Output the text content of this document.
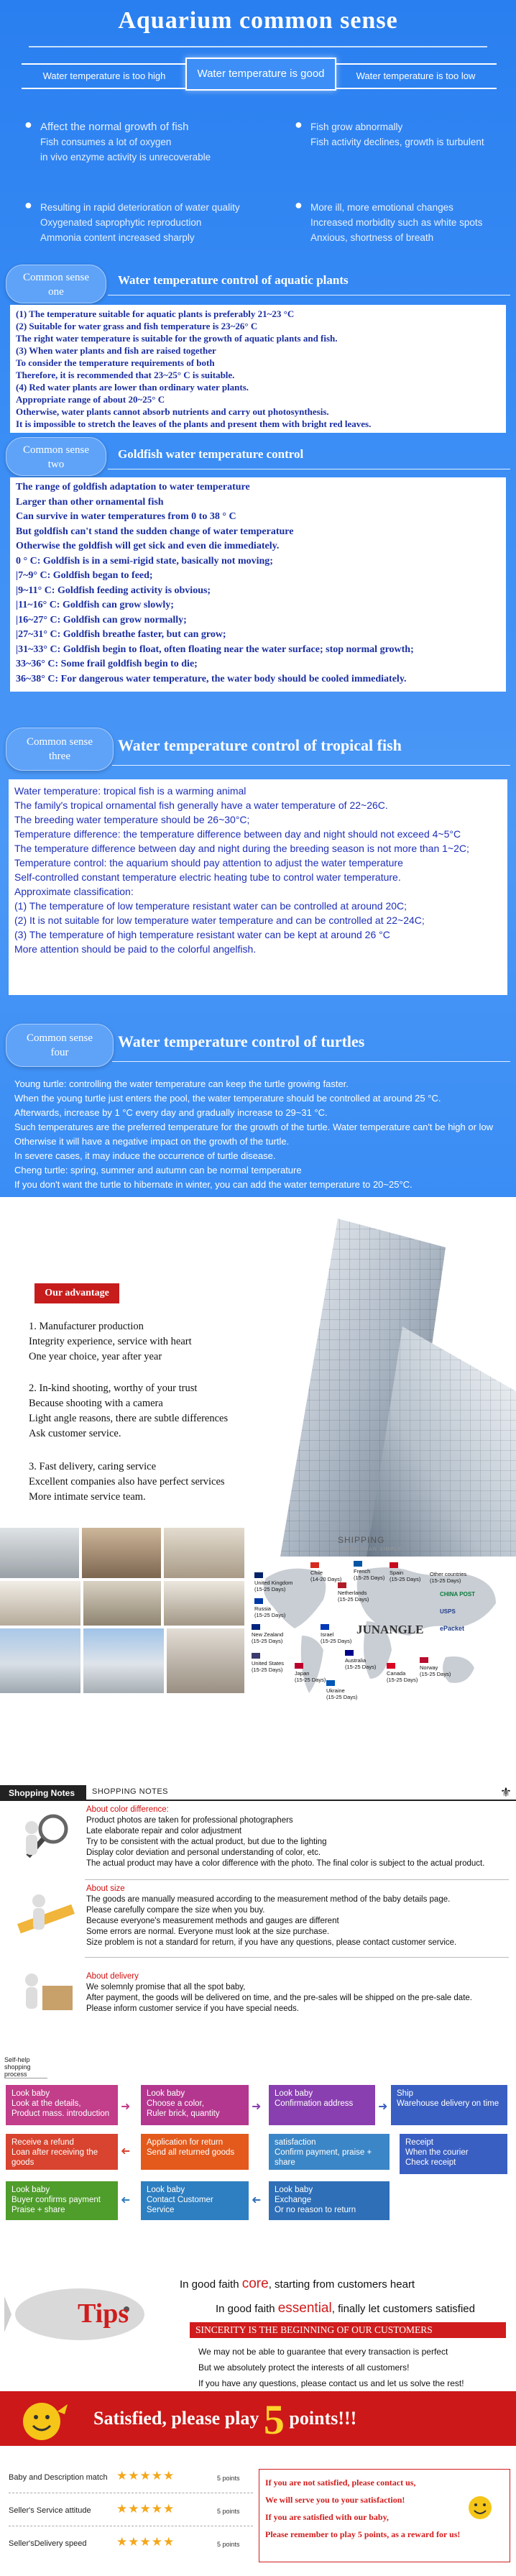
Aquarium common sense
Water temperature is too high	Water temperature is too low
Water temperature is good
● Affect the normal growth of fish
Fish consumes a lot of oxygen
in vivo enzyme activity is unrecoverable
● Fish grow abnormally
Fish activity declines, growth is turbulent
● Resulting in rapid deterioration of water quality
Oxygenated saprophytic reproduction
Ammonia content increased sharply
● More ill, more emotional changes
Increased morbidity such as white spots
Anxious, shortness of breath
Common sense
one
Water temperature control of aquatic plants
(1) The temperature suitable for aquatic plants is preferably 21~23 °C
(2) Suitable for water grass and fish temperature is 23~26° C
The right water temperature is suitable for the growth of aquatic plants and fish.
(3) When water plants and fish are raised together
To consider the temperature requirements of both
Therefore, it is recommended that 23~25° C is suitable.
(4) Red water plants are lower than ordinary water plants.
Appropriate range of about 20~25° C
Otherwise, water plants cannot absorb nutrients and carry out photosynthesis.
It is impossible to stretch the leaves of the plants and present them with bright red leaves.
Common sense
two
Goldfish water temperature control
The range of goldfish adaptation to water temperature
Larger than other ornamental fish
Can survive in water temperatures from 0 to 38 ° C
But goldfish can't stand the sudden change of water temperature
Otherwise the goldfish will get sick and even die immediately.
0 ° C: Goldfish is in a semi-rigid state, basically not moving;
|7~9° C: Goldfish began to feed;
|9~11° C: Goldfish feeding activity is obvious;
|11~16° C: Goldfish can grow slowly;
|16~27° C: Goldfish can grow normally;
|27~31° C: Goldfish breathe faster, but can grow;
|31~33° C: Goldfish begin to float, often floating near the water surface; stop normal growth;
33~36° C: Some frail goldfish begin to die;
36~38° C: For dangerous water temperature, the water body should be cooled immediately.
Common sense
three
Water temperature control of tropical fish
Water temperature: tropical fish is a warming animal
The family's tropical ornamental fish generally have a water temperature of 22~26C.
The breeding water temperature should be 26~30°C;
Temperature difference: the temperature difference between day and night should not exceed 4~5°C
The temperature difference between day and night during the breeding season is not more than 1~2C;
Temperature control: the aquarium should pay attention to adjust the water temperature
Self-controlled constant temperature electric heating tube to control water temperature.
Approximate classification:
(1) The temperature of low temperature resistant water can be controlled at around 20C;
(2) It is not suitable for low temperature water temperature and can be controlled at 22~24C;
(3) The temperature of high temperature resistant water can be kept at around 26 °C
More attention should be paid to the colorful angelfish.
Common sense
four
Water temperature control of turtles
Young turtle: controlling the water temperature can keep the turtle growing faster.
When the young turtle just enters the pool, the water temperature should be controlled at around 25 °C.
Afterwards, increase by 1 °C every day and gradually increase to 29~31 °C.
Such temperatures are the preferred temperature for the growth of the turtle. Water temperature can't be high or low
Otherwise it will have a negative impact on the growth of the turtle.
In severe cases, it may induce the occurrence of turtle disease.
Cheng turtle: spring, summer and autumn can be normal temperature
If you don't want the turtle to hibernate in winter, you can add the water temperature to 20~25°C.
Our advantage
1. Manufacturer production
Integrity experience, service with heart
One year choice, year after year
2. In-kind shooting, worthy of your trust
Because shooting with a camera
Light angle reasons, there are subtle differences
Ask customer service.
3. Fast delivery, caring service
Excellent companies also have perfect services
More intimate service team.
SHIPPING
MORE THAN SIMPLE
JUNANGLE
Chile
(14-20 Days)
French
(15-25 Days)
Spain
(15-25 Days)
Other countries
(15-25 Days)
United Kingdom
(15-25 Days)
Netherlands
(15-25 Days)
Russia
(15-25 Days)
New Zealand
(15-25 Days)
Israel
(15-25 Days)
United States
(15-25 Days)
Japan
(15-25 Days)
Australia
(15-25 Days)
Canada
(15-25 Days)
Norway
(15-25 Days)
Ukraine
(15-25 Days)
CHINA POST
USPS
ePacket
Shopping Notes	SHOPPING NOTES	⚜
About color difference:
Product photos are taken for professional photographers
Late elaborate repair and color adjustment
Try to be consistent with the actual product, but due to the lighting
Display color deviation and personal understanding of color, etc.
The actual product may have a color difference with the photo. The final color is subject to the actual product.
About size
The goods are manually measured according to the measurement method of the baby details page.
Please carefully compare the size when you buy.
Because everyone's measurement methods and gauges are different
Some errors are normal. Everyone must look at the size purchase.
Size problem is not a standard for return, if you have any questions, please contact customer service.
About delivery
We solemnly promise that all the spot baby,
After payment, the goods will be delivered on time, and the pre-sales will be shipped on the pre-sale date.
Please inform customer service if you have special needs.
Self-help
shopping process
Look baby
Look at the details,
Product mass. introduction
➜
Look baby
Choose a color,
Ruler brick, quantity
➜
Look baby
Confirmation address	➜
Ship
Warehouse delivery on time
Receive a refund
Loan after receiving the goods
➜
Application for return
Send all returned goods
satisfaction
Confirm payment, praise + share
Receipt
When the courier
Check receipt
Look baby
Buyer confirms payment
Praise + share
➜
Look baby
Contact Customer Service
➜
Look baby
Exchange
Or no reason to return
Tips
In good faith core, starting from customers heart
In good faith essential, finally let customers satisfied
SINCERITY IS THE BEGINNING OF OUR CUSTOMERS
We may not be able to guarantee that every transaction is perfect
But we absolutely protect the interests of all customers!
If you have any questions, please contact us and let us solve the rest!
Satisfied, please play 5 points!!!
Baby and Description match ★★★★★	5 points
Seller's Service attitude ★★★★★	5 points
Seller'sDelivery speed ★★★★★	5 points
If you are not satisfied, please contact us,
We will serve you to your satisfaction!
If you are satisfied with our baby,
Please remember to play 5 points, as a reward for us!
